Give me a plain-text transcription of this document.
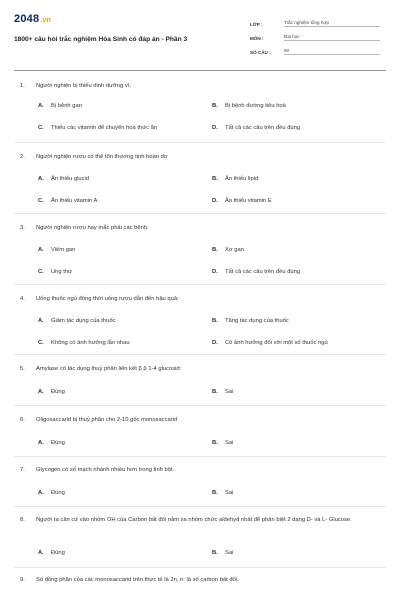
2048.vn
1800+ câu hỏi trắc nghiệm Hóa Sinh có đáp án - Phần 3
LỚP :	Trắc nghiệm tổng hợp
MÔN :	Đại học
SỐ CÂU :	50
1.	Người nghiện bị thiếu dinh dưỡng vì:
A. Bị bệnh gan	B. Bị bệnh đường tiêu hoá
C. Thiếu các vitamin để chuyển hoá thức ăn	D. Tất cả các câu trên đều đúng
2.	Người nghiện rượu có thể tổn thương tinh hoàn do:
A. Ăn thiếu glucid	B. Ăn thiếu lipid
C. Ăn thiếu vitamin A	D. Ăn thiếu vitamin E
3.	Người nghiện rượu hay mắc phải các bệnh:
A. Viêm gan	B. Xơ gan
C. Ung thư	D. Tất cả các câu trên đều đúng
4.	Uống thuốc ngủ đồng thời uống rượu dẫn đến hậu quả:
A. Giảm tác dụng của thuốc	B. Tăng tác dụng của thuốc
C. Không có ảnh hưởng lẫn nhau	D. Có ảnh hưởng đối với một số thuốc ngủ
5.	Amylase có tác dụng thuỷ phân liên kết β β 1-4 glucosid:
A. Đúng	B. Sai
6.	Oligosaccarid bị thuỷ phân cho 2-10 gốc monosaccarid
A. Đúng	B. Sai
7.	Glycogen có số mạch nhánh nhiều hơn trong tinh bột.
A. Đúng	B. Sai
8.	Người ta căn cứ vào nhóm OH của Carbon bất đối nằm xa nhóm chức aldehyd nhất để phân biệt 2 dạng D- và L- Glucose.
A. Đúng	B. Sai
9.	Số đồng phân của các monosaccarid trên thực tế là 2n, n: là số carbon bất đối.
